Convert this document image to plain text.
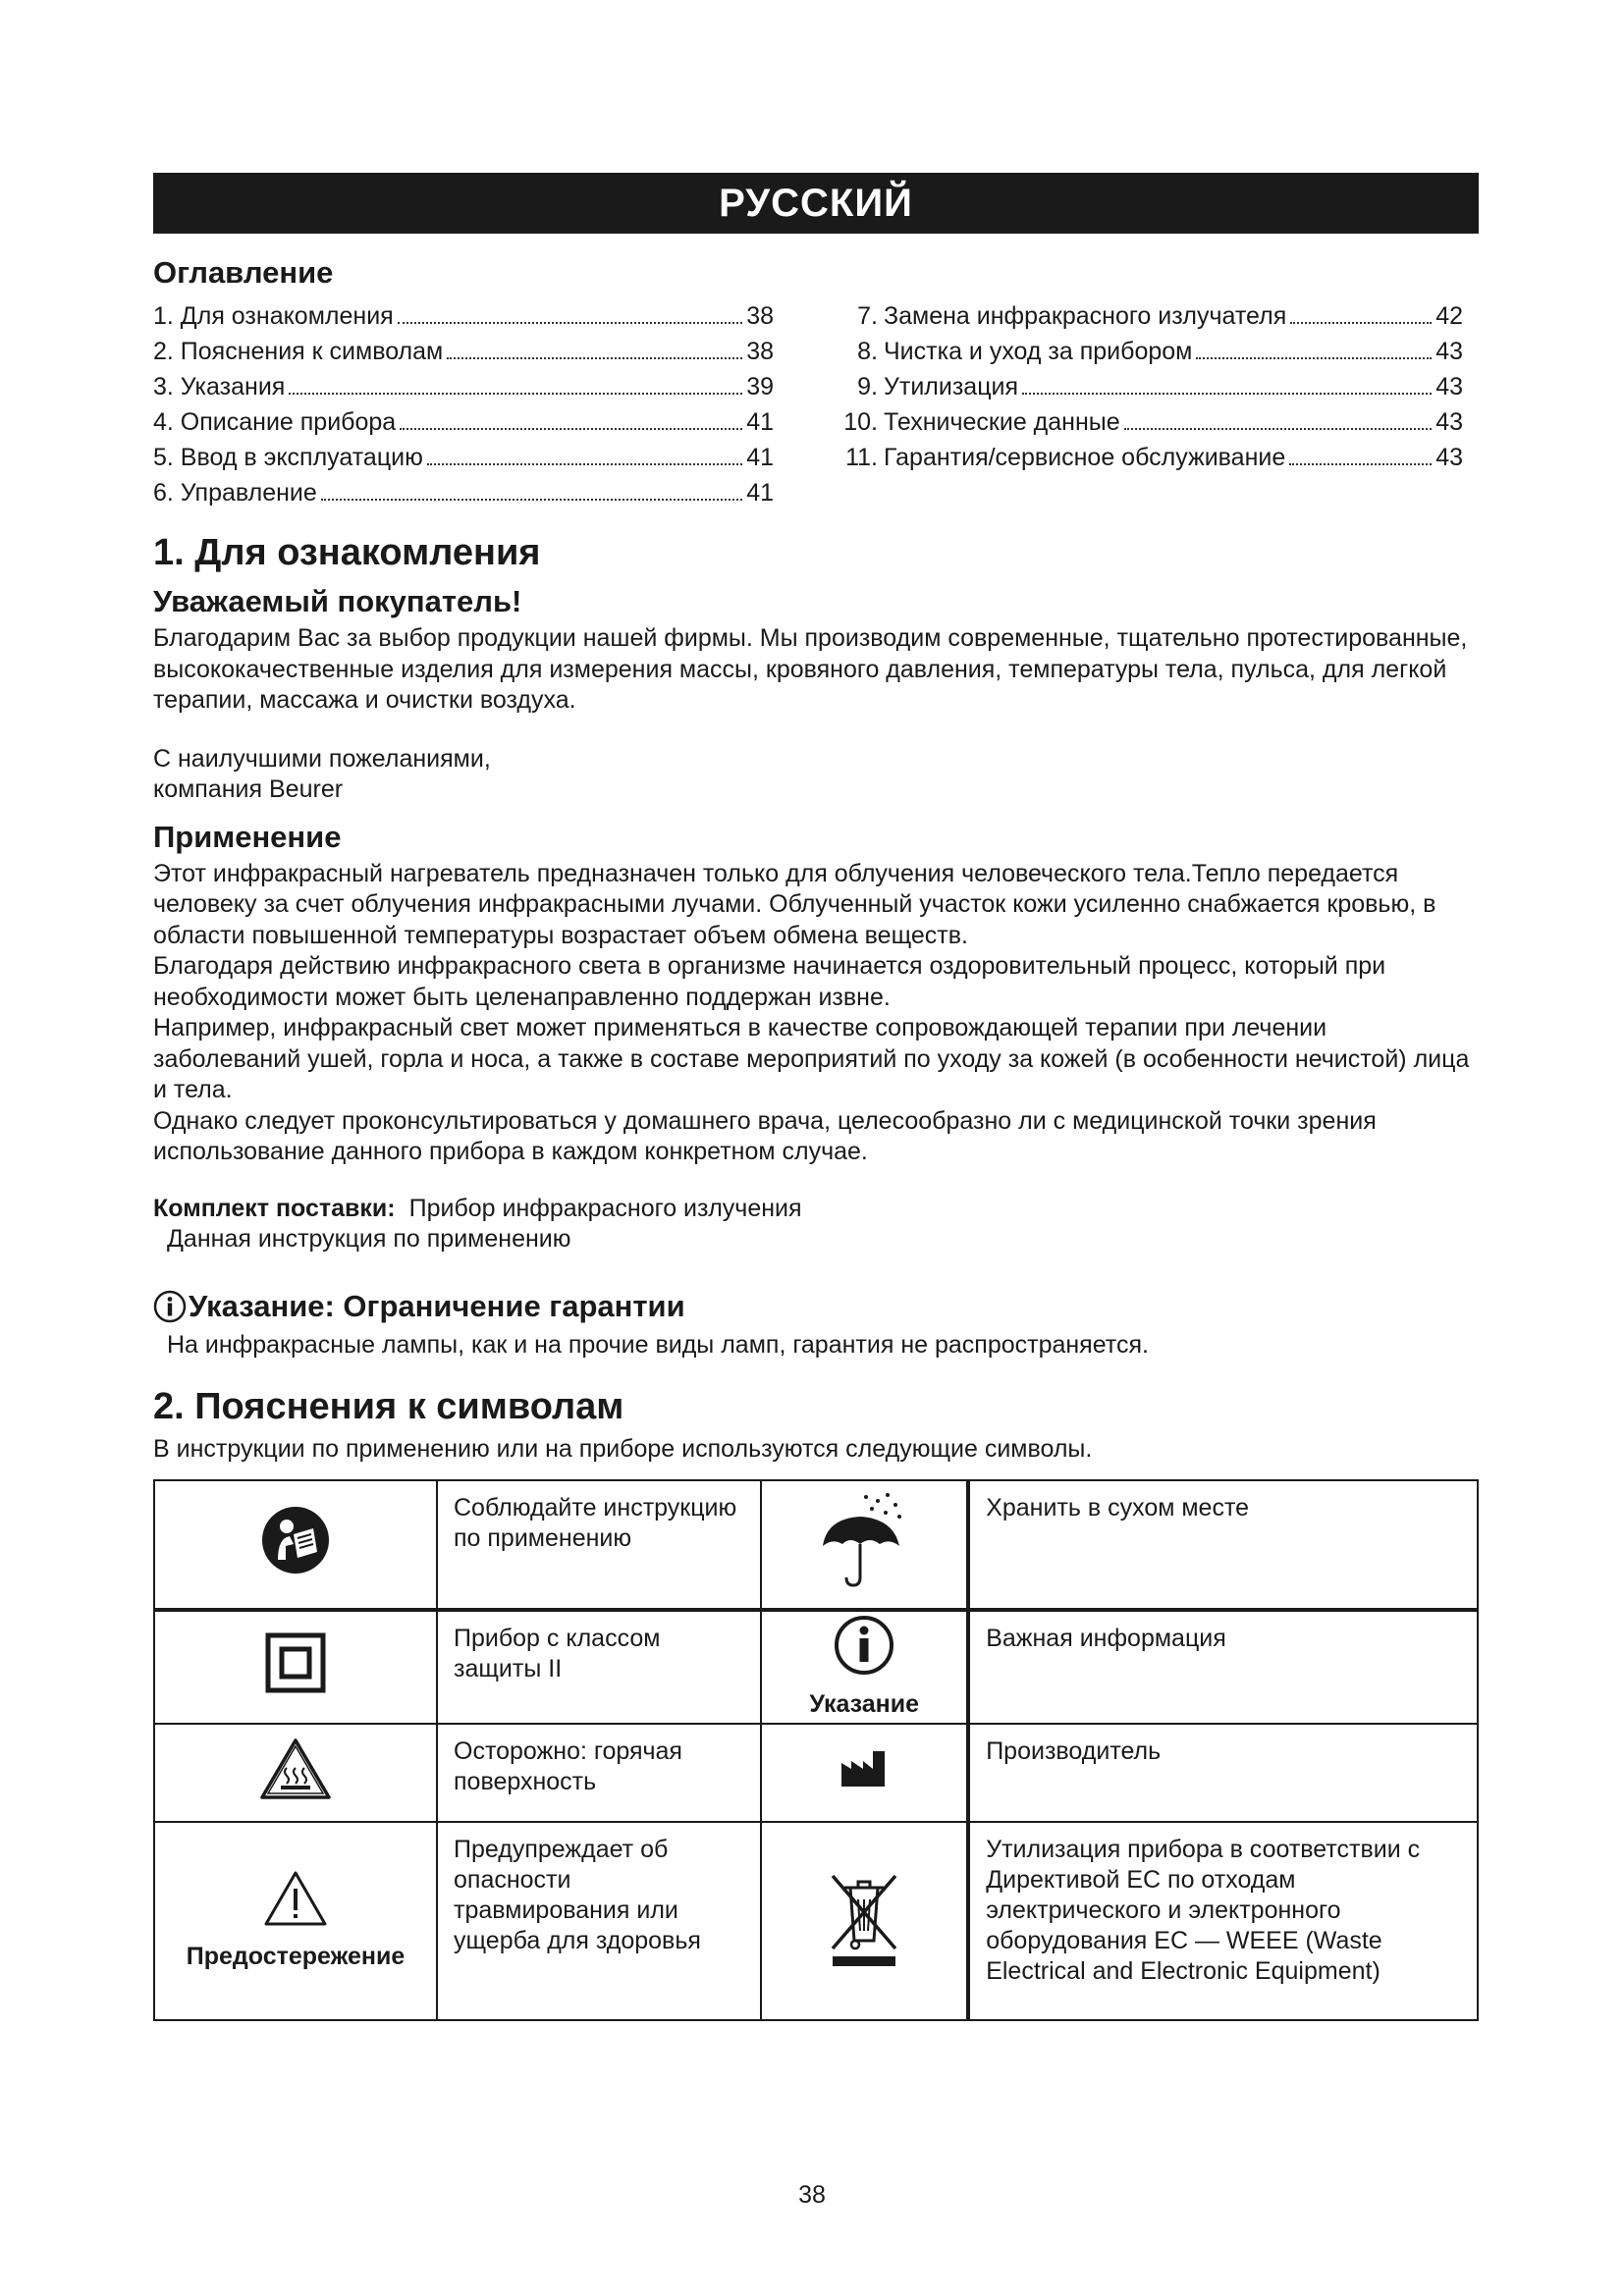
РУССКИЙ
Оглавление
1. Для ознакомления	38
2. Пояснения к символам	38
3. Указания	39
4. Описание прибора	41
5. Ввод в эксплуатацию	41
6. Управление	41
7. Замена инфракрасного излучателя	42
8. Чистка и уход за прибором	43
9. Утилизация	43
10. Технические данные	43
11. Гарантия/сервисное обслуживание	43
1. Для ознакомления
Уважаемый покупатель!

Благодарим Вас за выбор продукции нашей фирмы. Мы производим современные, тщательно протестированные, высококачественные изделия для измерения массы, кровяного давления, температуры тела, пульса, для легкой терапии, массажа и очистки воздуха.

С наилучшими пожеланиями,

компания Beurer

Применение

Этот инфракрасный нагреватель предназначен только для облучения человеческого тела.Тепло передается человеку за счет облучения инфракрасными лучами. Облученный участок кожи усиленно снабжается кровью, в области повышенной температуры возрастает объем обмена веществ.

Благодаря действию инфракрасного света в организме начинается оздоровительный процесс, который при необходимости может быть целенаправленно поддержан извне.

Например, инфракрасный свет может применяться в качестве сопровождающей терапии при лечении заболеваний ушей, горла и носа, а также в составе мероприятий по уходу за кожей (в особенности нечистой) лица и тела.

Однако следует проконсультироваться у домашнего врача, целесообразно ли с медицинской точки зрения использование данного прибора в каждом конкретном случае.

Комплект поставки: Прибор инфракрасного излучения
Данная инструкция по применению
Указание: Ограничение гарантии
На инфракрасные лампы, как и на прочие виды ламп, гарантия не распространяется.
2. Пояснения к символам

В инструкции по применению или на приборе используются следующие символы.

	Соблюдайте инструкцию по применению		Хранить в сухом месте
	Прибор с классом защиты II	Указание	Важная информация
	Осторожно: горячая поверхность		Производитель

Предостережение	Предупреждает об опасности травмирования или ущерба для здоровья		Утилизация прибора в соответствии с Директивой ЕС по отходам электрического и электронного оборудования ЕС — WEEE (Waste Electrical and Electronic Equipment)
38
